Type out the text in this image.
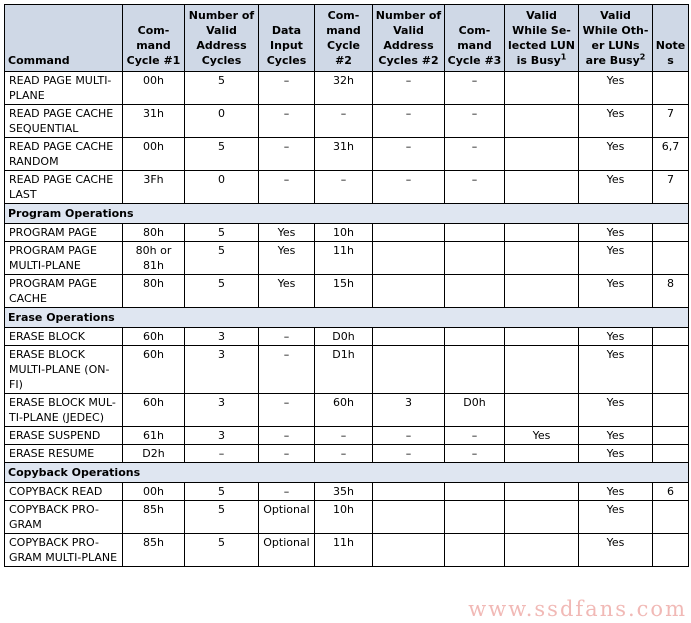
Command	Com-mand Cycle #1	Number of Valid Address Cycles	Data Input Cycles	Com-mand Cycle #2	Number of Valid Address Cycles #2	Com-mand Cycle #3	Valid While Se-lected LUN is Busy$^1$	Valid While Oth-er LUNs are Busy$^2$	Note s
READ PAGE MULTI-PLANE	00h	5	–	32h	–	–		Yes	
READ PAGE CACHE SEQUENTIAL	31h	0	–	–	–	–		Yes	7
READ PAGE CACHE RANDOM	00h	5	–	31h	–	–		Yes	6,7
READ PAGE CACHE LAST	3Fh	0	–	–	–	–		Yes	7
Program Operations									
PROGRAM PAGE	80h	5	Yes	10h				Yes	
PROGRAM PAGE MULTI-PLANE	80h or 81h	5	Yes	11h				Yes	
PROGRAM PAGE CACHE	80h	5	Yes	15h				Yes	8
Erase Operations									
ERASE BLOCK	60h	3	–	D0h				Yes	
ERASE BLOCK MULTI-PLANE (ON-FI)	60h	3	–	D1h				Yes	
ERASE BLOCK MUL-TI-PLANE (JEDEC)	60h	3	–	60h	3	D0h		Yes	
ERASE SUSPEND	61h	3	–	–	–	–	Yes	Yes	
ERASE RESUME	D2h	–	–	–	–	–		Yes	
Copyback Operations									
COPYBACK READ	00h	5	–	35h				Yes	6
COPYBACK PRO-GRAM	85h	5	Optional	10h				Yes	
COPYBACK PRO-GRAM MULTI-PLANE	85h	5	Optional	11h				Yes	
www.ssdfans.com
